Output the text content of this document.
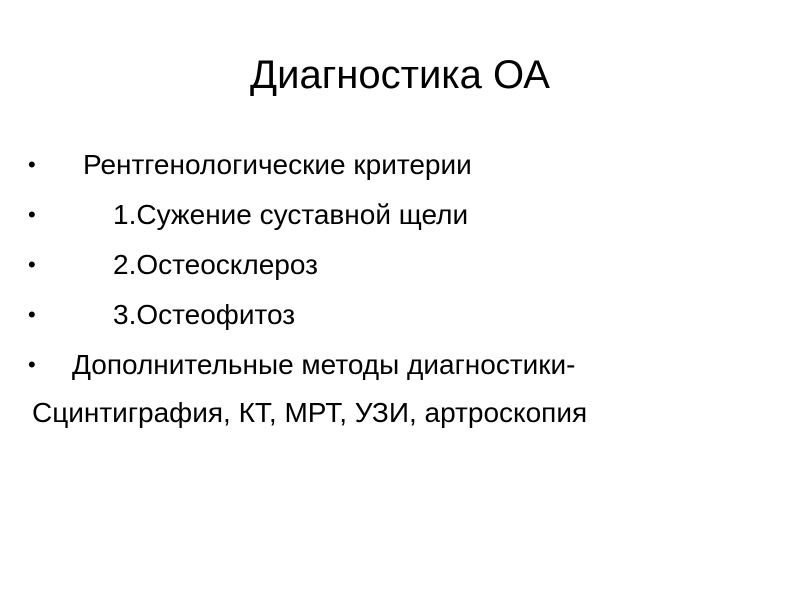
Диагностика ОА
• Рентгенологические критерии
•	1.Сужение суставной щели
•	2.Остеосклероз
•	3.Остеофитоз
• Дополнительные методы диагностики-
Сцинтиграфия, КТ, МРТ, УЗИ, артроскопия
